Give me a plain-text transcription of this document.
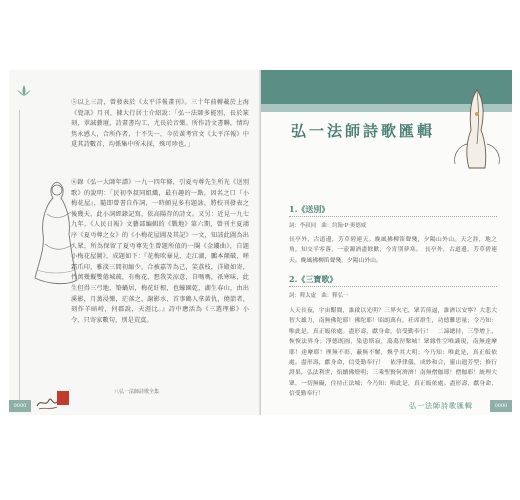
⑤以上三詩，曾發表於《太平洋報畫刊》。三十年前轉載於上海《覺訊》月刊，據大行居士介紹說：「弘一法師多能別，長於篆刻，翠誠藝壇，詩畫書均工，尤長於音樂。所作詩文書聯，情均隽永感人，合所作者，十不失一，今於黃考官文《太平洋報》中覓其詩數首，均係集中所未採，殊可珍也。」
⑥錄《弘一大師年譜》一九一四年條，引夏丏尊先生所光《送別歌》的說明：「民初李叔同組織，最有趣的一點，因名之口『小梅花屋』，隨即曾書自作詞，一時頗見多有題詠，將校刊發表之後幾天，此小詞經錄記寫，依高陽存的詩文。又另：近見一九七九年，《人民日報》文藝部編輯的《戰地》第六期，曾刊主夏鴻序《夏丏尊之女》的《小梅花屋圖及其記》一文，知該此圖為出人眾，所為保留了夏丏尊先生曾題所值的一闋《金縷曲》，自題小梅花屋圖》，成題如下：『花梅吹暴見，走江湖，鵬本顛破，嗟霜爪印，雅淡三間初縮少，合被嘉等為己，笑荔枝，洋殿如寄，竹萬幾擬雙倦城疏，有梅花、想我笑涼意，自嗎嗎，祇寒味，此生但得三弓地，築蝸居，梅花紆根，也蠔園乾，湖生春山，由出溪影，月蒸浸樂，茫落之，謝影水、首事鶴人拿黃仇，僥箭者，刻作羊暗峙，何郡說，天涯比。』詩中應活為《三選理影》小令，只寄家數句，別是荒寞。
八弘一法師詩歌全集
0000
弘一法師詩歌匯輯
1.《送別》
詞：李叔同　曲：約翰·P·奧德威
長亭外，古道邊，芳草碧連天。晚風拂柳笛聲殘，夕陽山外山。天之涯，地之角，知交半零落，一壺濁酒盡餘歡，今宵別夢寒。　長亭外，古道邊，芳草碧連天。晚風拂柳笛聲殘，夕陽山外山。
2.《三寶歌》
詞：釋太虛　曲：釋弘一
人天長夜，宇宙黮闇，誰啟以光明？三界火宅，眾苦煎逼，誰濟以安寧？大悲大智大雄力，南無佛陀耶！佛陀耶！昭朗萬有，衽席群生，功德難思量；令乃知：唯此是，真正皈依處。盡形壽，獻身命，信受勤奉行！　二諦總持，三學增上，恢恢法界身；淨德既圓，染患斯寂，蕩蕩涅槃城！眾緣性空唯識現，南無達摩耶！達摩耶！理無不彰，蔽無不解，煥乎其大明；今乃知：唯此是，真正皈依處。盡形壽，獻身命，信受勤奉行！　依淨律儀，成妙和合，靈山遺芳型；修行證果，弘法利世，焰續佛燈明；三乘聖賢何濟濟！南無僧伽耶！僧伽耶！統理大眾，一切無礙，住持正法城；今乃知：唯此是，真正皈依處。盡形壽，獻身命，信受勤奉行！
弘一法師詩歌匯輯	0000
